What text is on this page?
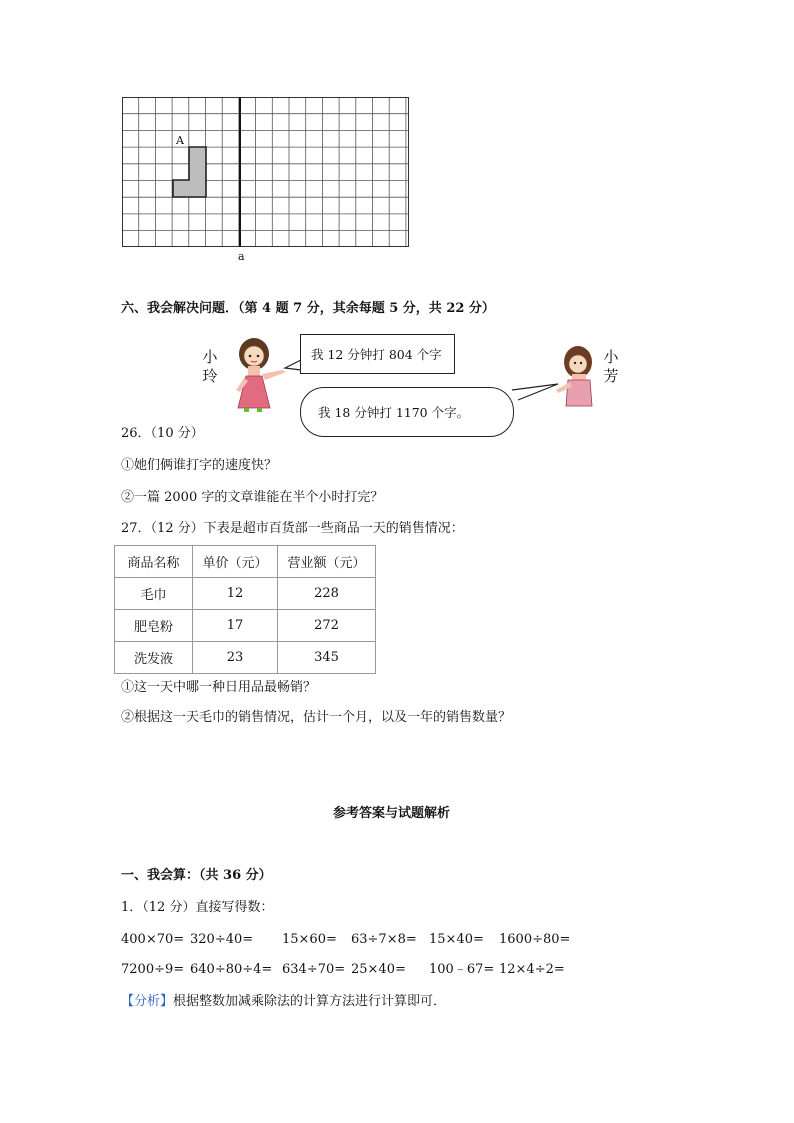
A
a
六、我会解决问题．（第 4 题 7 分，其余每题 5 分，共 22 分）
小玲
我 12 分钟打 804 个字
我 18 分钟打 1170 个字。
小芳
26．（10 分）
①她们俩谁打字的速度快？
②一篇 2000 字的文章谁能在半个小时打完？
27．（12 分）下表是超市百货部一些商品一天的销售情况：
商品名称	单价（元）	营业额（元）
毛巾	12	228
肥皂粉	17	272
洗发液	23	345
①这一天中哪一种日用品最畅销？
②根据这一天毛巾的销售情况，估计一个月，以及一年的销售数量？
参考答案与试题解析
一、我会算：（共 36 分）
1．（12 分）直接写得数：
400×70= 320÷40= 15×60= 63÷7×8= 15×40= 1600÷80=
7200÷9= 640÷80÷4= 634÷70= 25×40= 100﹣67= 12×4÷2=
【分析】根据整数加减乘除法的计算方法进行计算即可．
